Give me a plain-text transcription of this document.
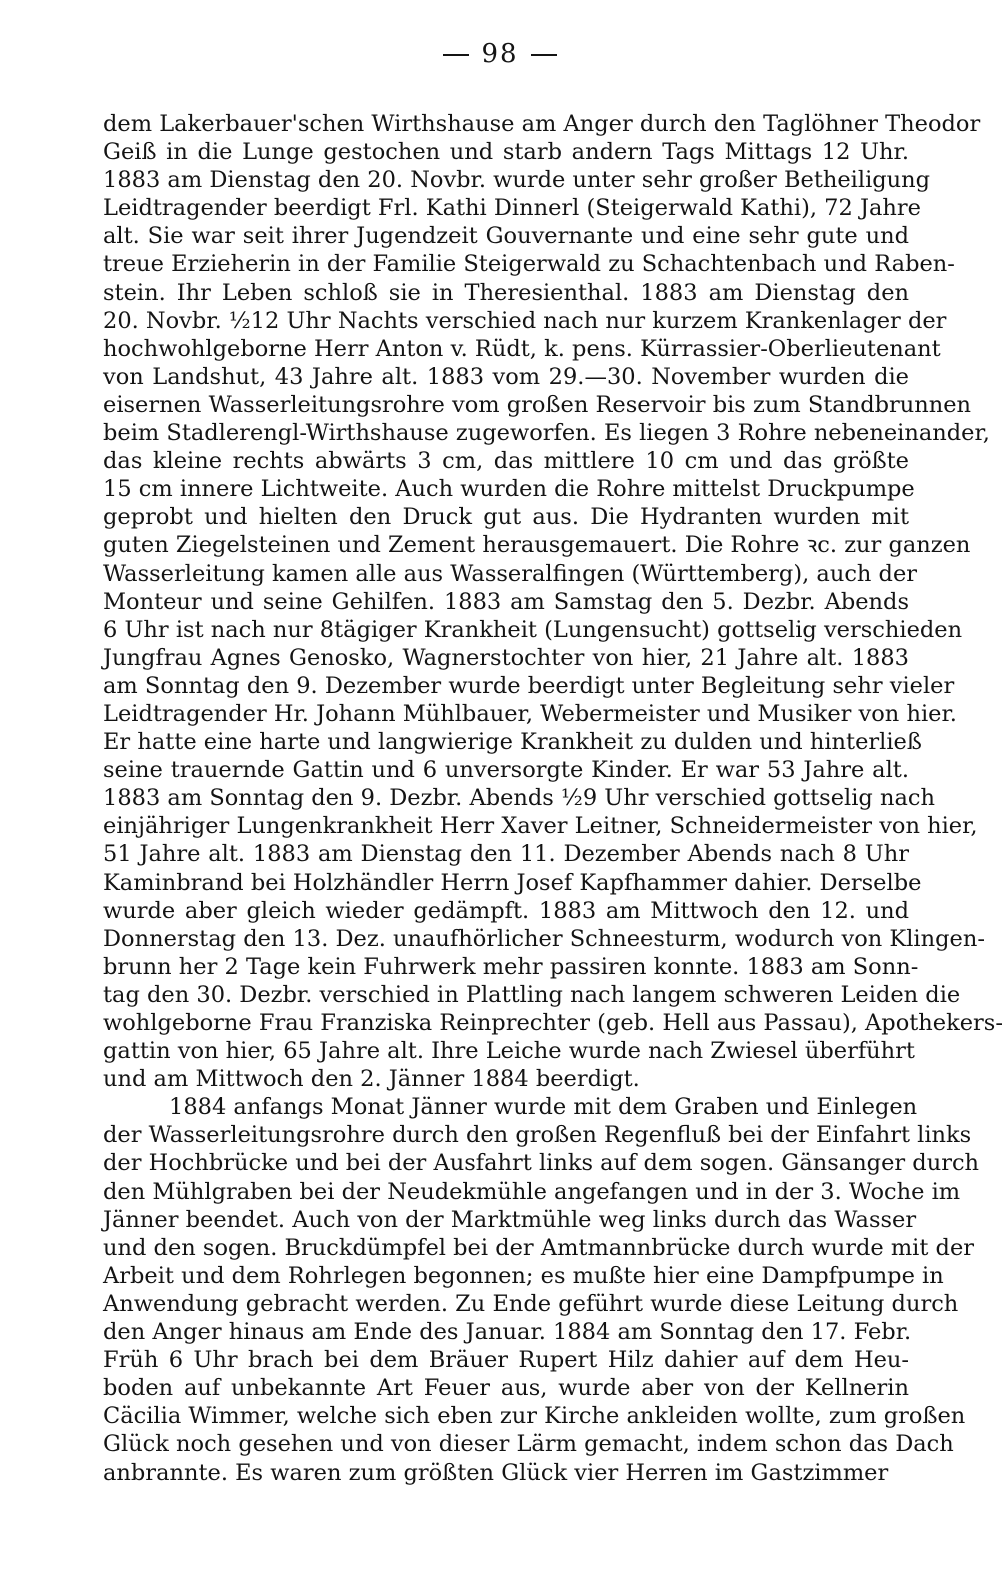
98
dem Lakerbauer'schen Wirthshause am Anger durch den Taglöhner Theodor
Geiß in die Lunge gestochen und starb andern Tags Mittags 12 Uhr.
1883 am Dienstag den 20. Novbr. wurde unter sehr großer Betheiligung
Leidtragender beerdigt Frl. Kathi Dinnerl (Steigerwald Kathi), 72 Jahre
alt. Sie war seit ihrer Jugendzeit Gouvernante und eine sehr gute und
treue Erzieherin in der Familie Steigerwald zu Schachtenbach und Raben-
stein. Ihr Leben schloß sie in Theresienthal. 1883 am Dienstag den
20. Novbr. ½12 Uhr Nachts verschied nach nur kurzem Krankenlager der
hochwohlgeborne Herr Anton v. Rüdt, k. pens. Kürrassier-Oberlieutenant
von Landshut, 43 Jahre alt. 1883 vom 29.—30. November wurden die
eisernen Wasserleitungsrohre vom großen Reservoir bis zum Standbrunnen
beim Stadlerengl-Wirthshause zugeworfen. Es liegen 3 Rohre nebeneinander,
das kleine rechts abwärts 3 cm, das mittlere 10 cm und das größte
15 cm innere Lichtweite. Auch wurden die Rohre mittelst Druckpumpe
geprobt und hielten den Druck gut aus. Die Hydranten wurden mit
guten Ziegelsteinen und Zement herausgemauert. Die Rohre ꝛc. zur ganzen
Wasserleitung kamen alle aus Wasseralfingen (Württemberg), auch der
Monteur und seine Gehilfen. 1883 am Samstag den 5. Dezbr. Abends
6 Uhr ist nach nur 8tägiger Krankheit (Lungensucht) gottselig verschieden
Jungfrau Agnes Genosko, Wagnerstochter von hier, 21 Jahre alt. 1883
am Sonntag den 9. Dezember wurde beerdigt unter Begleitung sehr vieler
Leidtragender Hr. Johann Mühlbauer, Webermeister und Musiker von hier.
Er hatte eine harte und langwierige Krankheit zu dulden und hinterließ
seine trauernde Gattin und 6 unversorgte Kinder. Er war 53 Jahre alt.
1883 am Sonntag den 9. Dezbr. Abends ½9 Uhr verschied gottselig nach
einjähriger Lungenkrankheit Herr Xaver Leitner, Schneidermeister von hier,
51 Jahre alt. 1883 am Dienstag den 11. Dezember Abends nach 8 Uhr
Kaminbrand bei Holzhändler Herrn Josef Kapfhammer dahier. Derselbe
wurde aber gleich wieder gedämpft. 1883 am Mittwoch den 12. und
Donnerstag den 13. Dez. unaufhörlicher Schneesturm, wodurch von Klingen-
brunn her 2 Tage kein Fuhrwerk mehr passiren konnte. 1883 am Sonn-
tag den 30. Dezbr. verschied in Plattling nach langem schweren Leiden die
wohlgeborne Frau Franziska Reinprechter (geb. Hell aus Passau), Apothekers-
gattin von hier, 65 Jahre alt. Ihre Leiche wurde nach Zwiesel überführt
und am Mittwoch den 2. Jänner 1884 beerdigt.
1884 anfangs Monat Jänner wurde mit dem Graben und Einlegen
der Wasserleitungsrohre durch den großen Regenfluß bei der Einfahrt links
der Hochbrücke und bei der Ausfahrt links auf dem sogen. Gänsanger durch
den Mühlgraben bei der Neudekmühle angefangen und in der 3. Woche im
Jänner beendet. Auch von der Marktmühle weg links durch das Wasser
und den sogen. Bruckdümpfel bei der Amtmannbrücke durch wurde mit der
Arbeit und dem Rohrlegen begonnen; es mußte hier eine Dampfpumpe in
Anwendung gebracht werden. Zu Ende geführt wurde diese Leitung durch
den Anger hinaus am Ende des Januar. 1884 am Sonntag den 17. Febr.
Früh 6 Uhr brach bei dem Bräuer Rupert Hilz dahier auf dem Heu-
boden auf unbekannte Art Feuer aus, wurde aber von der Kellnerin
Cäcilia Wimmer, welche sich eben zur Kirche ankleiden wollte, zum großen
Glück noch gesehen und von dieser Lärm gemacht, indem schon das Dach
anbrannte. Es waren zum größten Glück vier Herren im Gastzimmer
